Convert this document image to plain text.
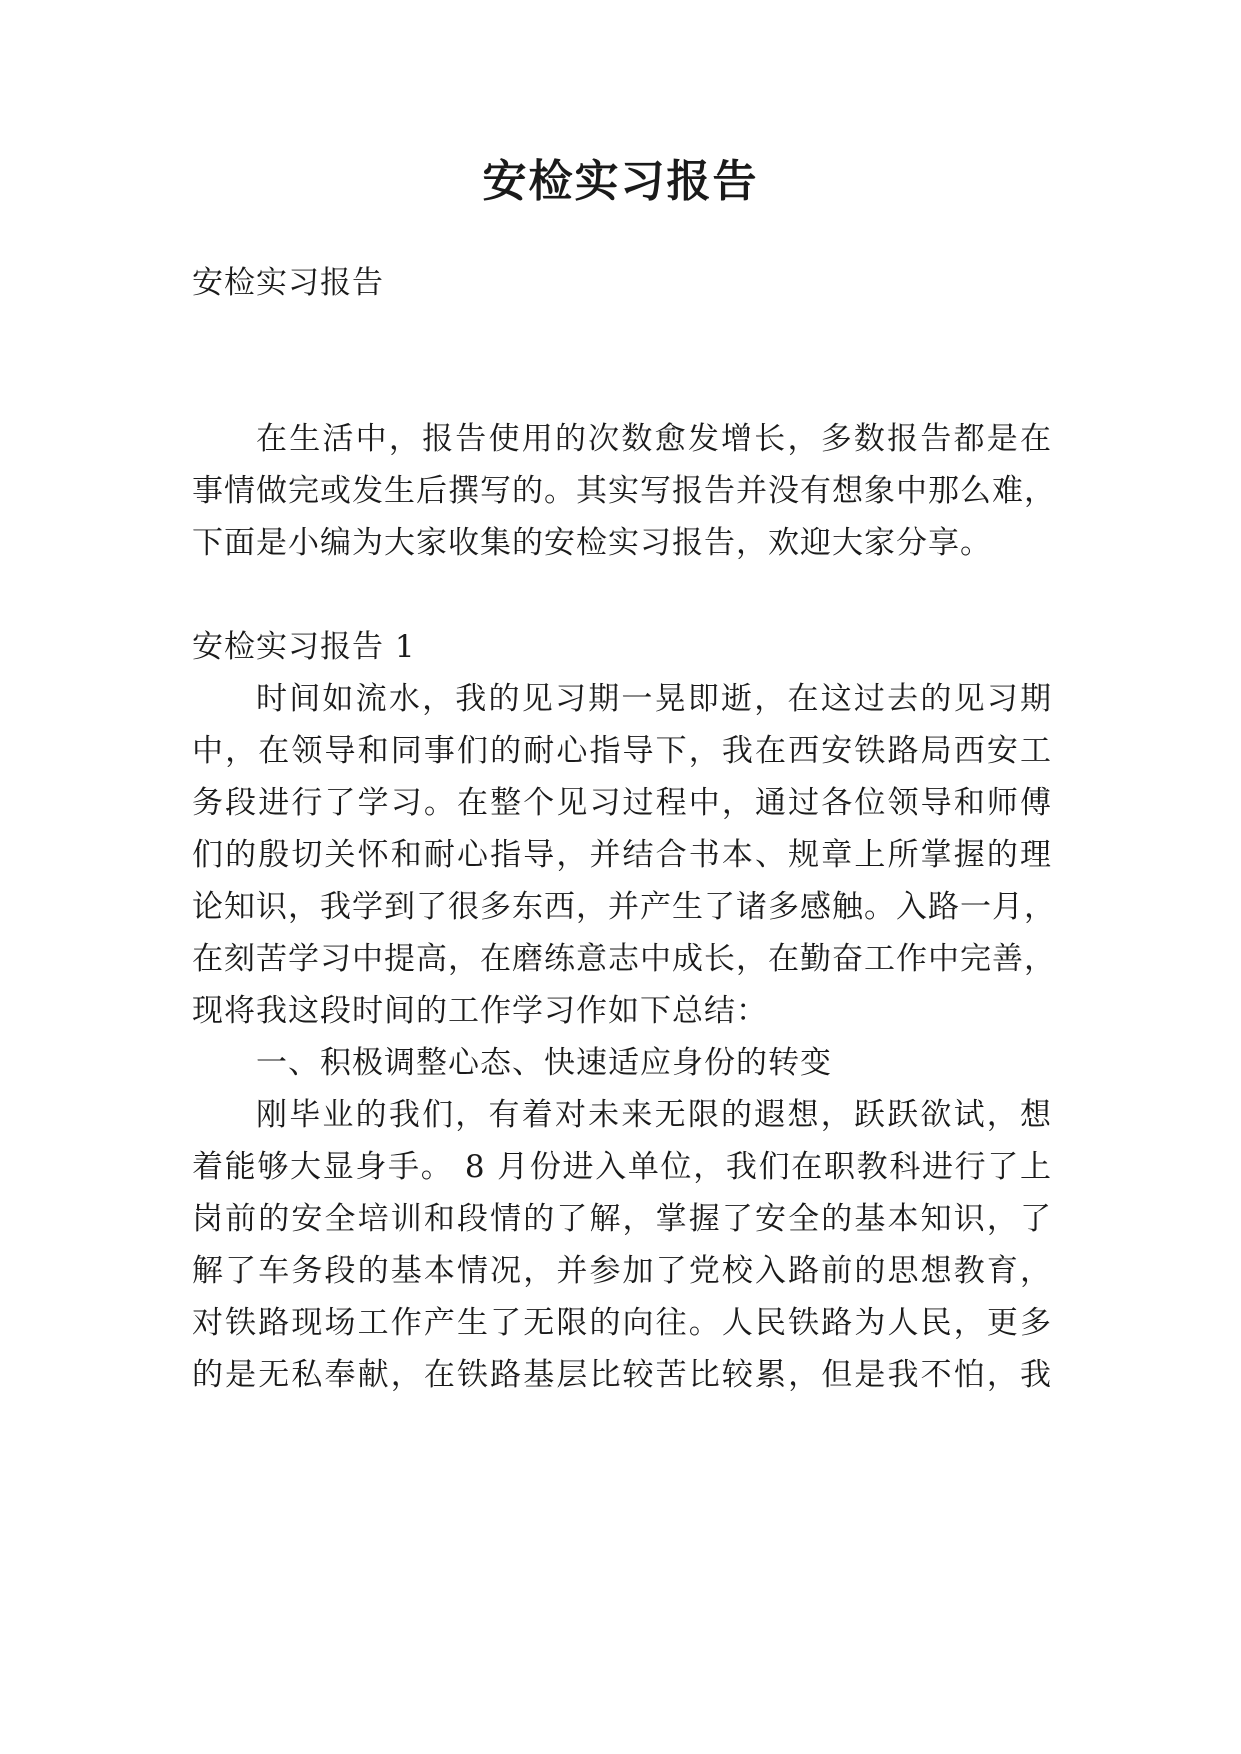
安检实习报告
安检实习报告
在生活中，报告使用的次数愈发增长，多数报告都是在
事情做完或发生后撰写的。其实写报告并没有想象中那么难，
下面是小编为大家收集的安检实习报告，欢迎大家分享。
安检实习报告 1
时间如流水，我的见习期一晃即逝，在这过去的见习期
中，在领导和同事们的耐心指导下，我在西安铁路局西安工
务段进行了学习。在整个见习过程中，通过各位领导和师傅
们的殷切关怀和耐心指导，并结合书本、规章上所掌握的理
论知识，我学到了很多东西，并产生了诸多感触。入路一月，
在刻苦学习中提高，在磨练意志中成长，在勤奋工作中完善，
现将我这段时间的工作学习作如下总结：
一、积极调整心态、快速适应身份的转变
刚毕业的我们，有着对未来无限的遐想，跃跃欲试，想
着能够大显身手。 8 月份进入单位，我们在职教科进行了上
岗前的安全培训和段情的了解，掌握了安全的基本知识，了
解了车务段的基本情况，并参加了党校入路前的思想教育，
对铁路现场工作产生了无限的向往。人民铁路为人民，更多
的是无私奉献，在铁路基层比较苦比较累，但是我不怕，我
